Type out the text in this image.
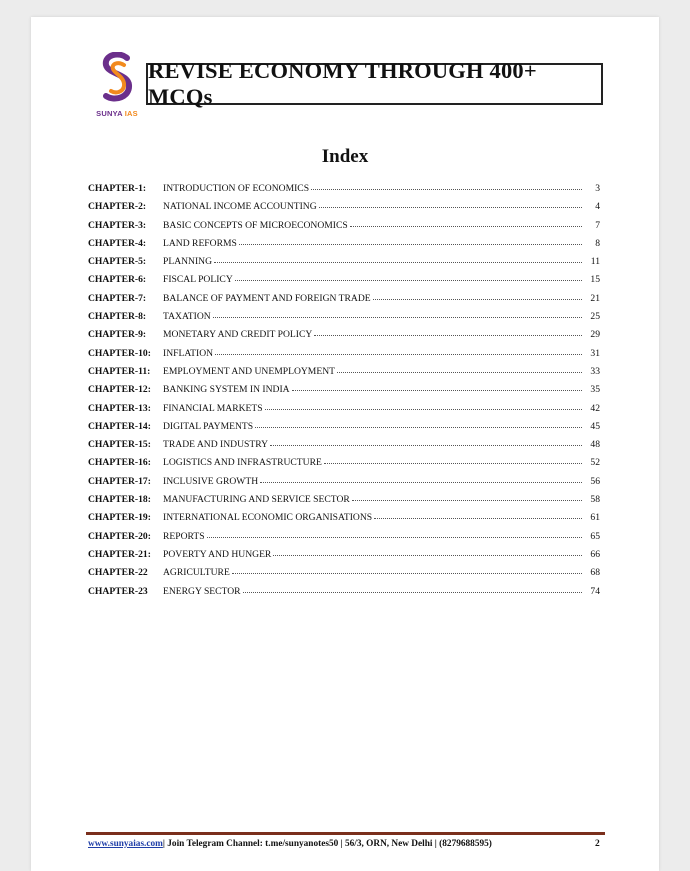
SUNYA IAS
REVISE ECONOMY THROUGH 400+ MCQs
Index
CHAPTER-1:	INTRODUCTION OF ECONOMICS	3
CHAPTER-2:	NATIONAL INCOME ACCOUNTING	4
CHAPTER-3:	BASIC CONCEPTS OF MICROECONOMICS	7
CHAPTER-4:	LAND REFORMS	8
CHAPTER-5:	PLANNING	11
CHAPTER-6:	FISCAL POLICY	15
CHAPTER-7:	BALANCE OF PAYMENT AND FOREIGN TRADE	21
CHAPTER-8:	TAXATION	25
CHAPTER-9:	MONETARY AND CREDIT POLICY	29
CHAPTER-10:	INFLATION	31
CHAPTER-11:	EMPLOYMENT AND UNEMPLOYMENT	33
CHAPTER-12:	BANKING SYSTEM IN INDIA	35
CHAPTER-13:	FINANCIAL MARKETS	42
CHAPTER-14:	DIGITAL PAYMENTS	45
CHAPTER-15:	TRADE AND INDUSTRY	48
CHAPTER-16:	LOGISTICS AND INFRASTRUCTURE	52
CHAPTER-17:	INCLUSIVE GROWTH	56
CHAPTER-18:	MANUFACTURING AND SERVICE SECTOR	58
CHAPTER-19:	INTERNATIONAL ECONOMIC ORGANISATIONS	61
CHAPTER-20:	REPORTS	65
CHAPTER-21:	POVERTY AND HUNGER	66
CHAPTER-22	AGRICULTURE	68
CHAPTER-23	ENERGY SECTOR	74
www.sunyaias.com| Join Telegram Channel: t.me/sunyanotes50 | 56/3, ORN, New Delhi | (8279688595)	2
